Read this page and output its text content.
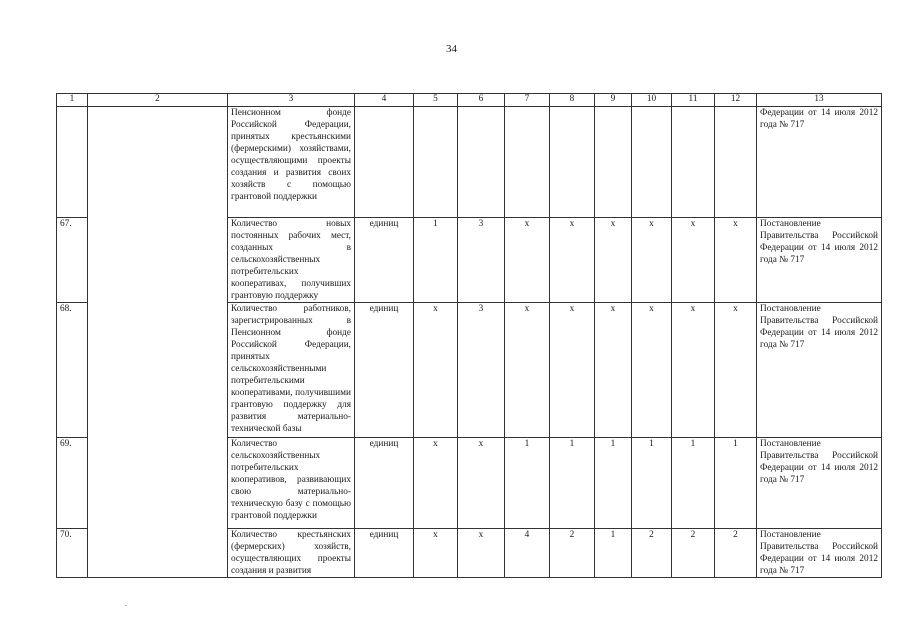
34
1	2	3	4	5	6	7	8	9	10	11	12	13
		Пенсионном фонде Российской Федерации, принятых крестьянскими (фермерскими) хозяйствами, осуществляющими проекты создания и развития своих хозяйств с помощью грантовой поддержки										Федерации от 14 июля 2012 года № 717
67.		Количество новых постоянных рабочих мест, созданных в сельскохозяйственных потребительских кооперативах, получивших грантовую поддержку	единиц	1	3	x	x	x	x	x	x	Постановление Правительства Российской Федерации от 14 июля 2012 года № 717
68.		Количество работников, зарегистрированных в Пенсионном фонде Российской Федерации, принятых сельскохозяйственными потребительскими кооперативами, получившими грантовую поддержку для развития материально-технической базы	единиц	x	3	x	x	x	x	x	x	Постановление Правительства Российской Федерации от 14 июля 2012 года № 717
69.		Количество сельскохозяйственных потребительских кооперативов, развивающих свою материально-техническую базу с помощью грантовой поддержки	единиц	x	x	1	1	1	1	1	1	Постановление Правительства Российской Федерации от 14 июля 2012 года № 717
70.		Количество крестьянских (фермерских) хозяйств, осуществляющих проекты создания и развития	единиц	x	x	4	2	1	2	2	2	Постановление Правительства Российской Федерации от 14 июля 2012 года № 717
